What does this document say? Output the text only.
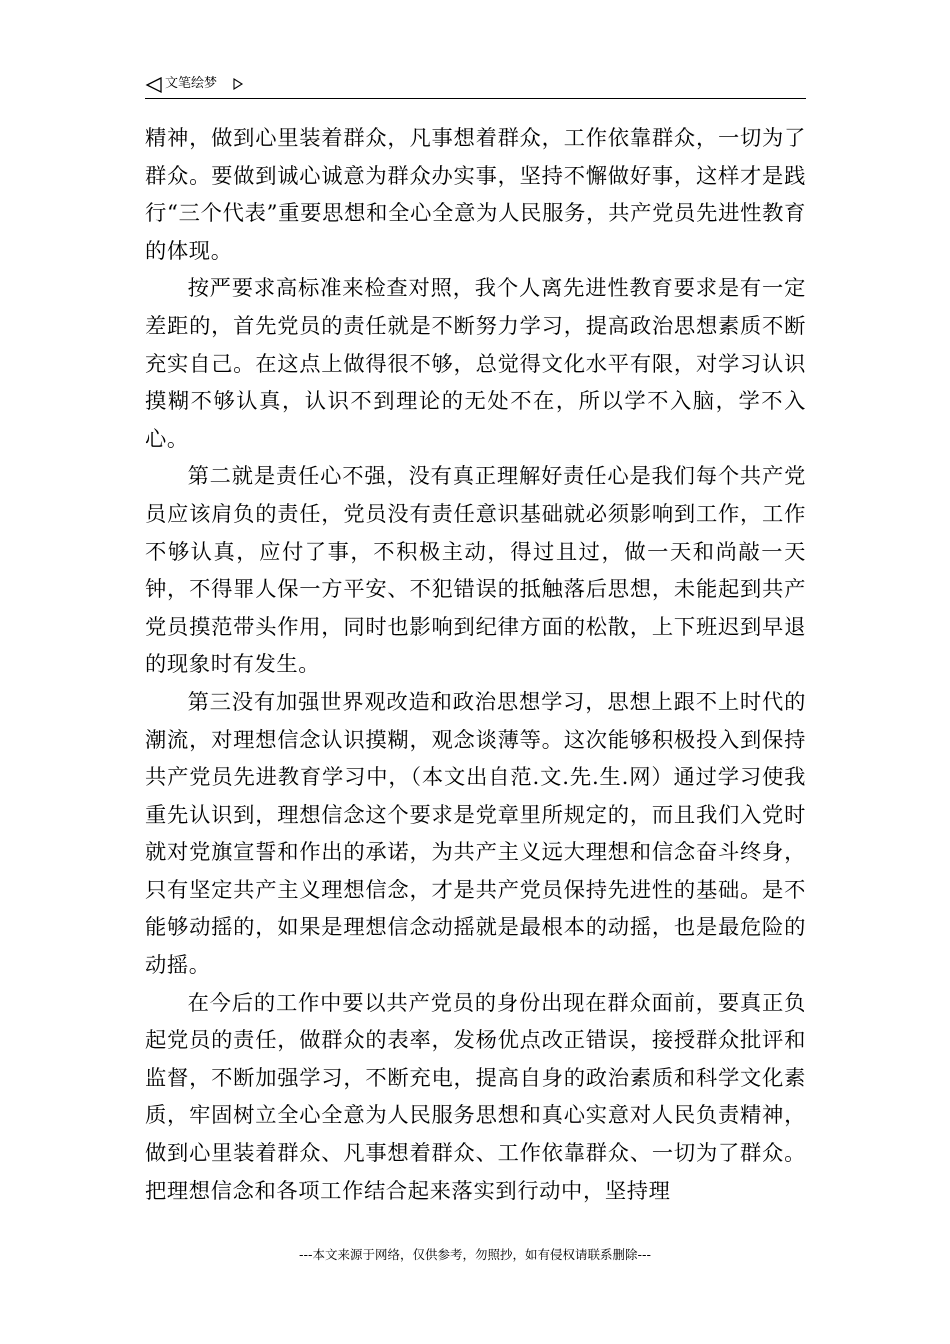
文笔绘梦

精神，做到心里装着群众，凡事想着群众，工作依靠群众，一切为了群众。要做到诚心诚意为群众办实事，坚持不懈做好事，这样才是践行“三个代表”重要思想和全心全意为人民服务，共产党员先进性教育的体现。

按严要求高标准来检查对照，我个人离先进性教育要求是有一定差距的，首先党员的责任就是不断努力学习，提高政治思想素质不断充实自己。在这点上做得很不够，总觉得文化水平有限，对学习认识摸糊不够认真，认识不到理论的无处不在，所以学不入脑，学不入心。

第二就是责任心不强，没有真正理解好责任心是我们每个共产党员应该肩负的责任，党员没有责任意识基础就必须影响到工作，工作不够认真，应付了事，不积极主动，得过且过，做一天和尚敲一天钟，不得罪人保一方平安、不犯错误的抵触落后思想，未能起到共产党员摸范带头作用，同时也影响到纪律方面的松散，上下班迟到早退的现象时有发生。

第三没有加强世界观改造和政治思想学习，思想上跟不上时代的潮流，对理想信念认识摸糊，观念谈薄等。这次能够积极投入到保持共产党员先进教育学习中，（本文出自范.文.先.生.网）通过学习使我重先认识到，理想信念这个要求是党章里所规定的，而且我们入党时就对党旗宣誓和作出的承诺，为共产主义远大理想和信念奋斗终身，只有坚定共产主义理想信念，才是共产党员保持先进性的基础。是不能够动摇的，如果是理想信念动摇就是最根本的动摇，也是最危险的动摇。

在今后的工作中要以共产党员的身份出现在群众面前，要真正负起党员的责任，做群众的表率，发杨优点改正错误，接授群众批评和监督，不断加强学习，不断充电，提高自身的政治素质和科学文化素质，牢固树立全心全意为人民服务思想和真心实意对人民负责精神，做到心里装着群众、凡事想着群众、工作依靠群众、一切为了群众。把理想信念和各项工作结合起来落实到行动中，坚持理

---本文来源于网络，仅供参考，勿照抄，如有侵权请联系删除---
